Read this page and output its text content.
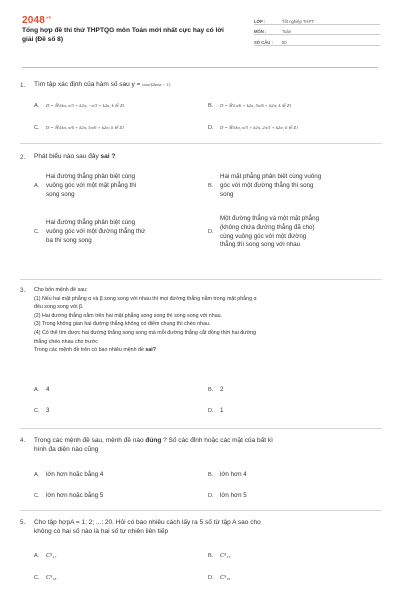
$2048^{.vn}$
Tổng hợp đề thi thử THPTQG môn Toán mới nhất cực hay có lời giải (Đề số 8)
LỚP :	Tốt nghiệp THPT
MÔN :	Toán
SỐ CÂU :	50
1. Tìm tập xác định của hàm số sau y = cotx/(2sinx − 1)
A. D = ℝ\{kπ, π/3 + k2π, −π/3 + k2π, k ∈ Z}	B. D = ℝ\{π/6 + k2π, 5π/6 + k2π; k ∈ Z}
C. D = ℝ\{kπ, π/6 + k2π, 5π/6 + k2π; k ∈ Z}	D. D = ℝ\{kπ, π/3 + k2π, 2π/3 + k2π; k ∈ Z}
2. Phát biểu nào sau đây sai ?
A.
Hai đường thẳng phân biệt cùng
vuông góc với một mặt phẳng thì
song song
B.
Hai mặt phẳng phân biệt cùng vuông
góc với một đường thẳng thì song
song
C.
Hai đường thẳng phân biệt cùng
vuông góc với một đường thẳng thứ
ba thì song song
D.
Một đường thẳng và một mặt phẳng
(không chứa đường thẳng đã cho)
cùng vuông góc với một đường
thẳng thì song song với nhau
3. Cho bốn mệnh đề sau:
(1) Nếu hai mặt phẳng α và β song song với nhau thì mọi đường thẳng nằm trong mặt phẳng α
đều song song với β.
(2) Hai đường thẳng nằm trên hai mặt phẳng song song thì song song với nhau.
(3) Trong không gian hai đường thẳng không có điểm chung thì chéo nhau.
(4) Có thể tìm được hai đường thẳng song song mà mỗi đường thẳng cắt đồng thời hai đường
thẳng chéo nhau cho trước
Trong các mệnh đề trên có bao nhiêu mệnh đề sai?
A. 4	B. 2
C. 3	D. 1
4. Trong các mệnh đề sau, mệnh đề nào đúng ? Số các đỉnh hoặc các mặt của bất kì
hình đa diện nào cũng
A. lớn hơn hoặc bằng 4	B. lớn hơn 4
C. lớn hơn hoặc bằng 5	D. lớn hơn 5
5. Cho tập hợpA = 1; 2; ...; 20. Hỏi có bao nhiêu cách lấy ra 5 số từ tập A sao cho
không có hai số nào là hai số tự nhiên liên tiếp
A. C⁵₁₇	B. C⁵₁₅
C. C⁵₁₈	D. C⁵₁₆
